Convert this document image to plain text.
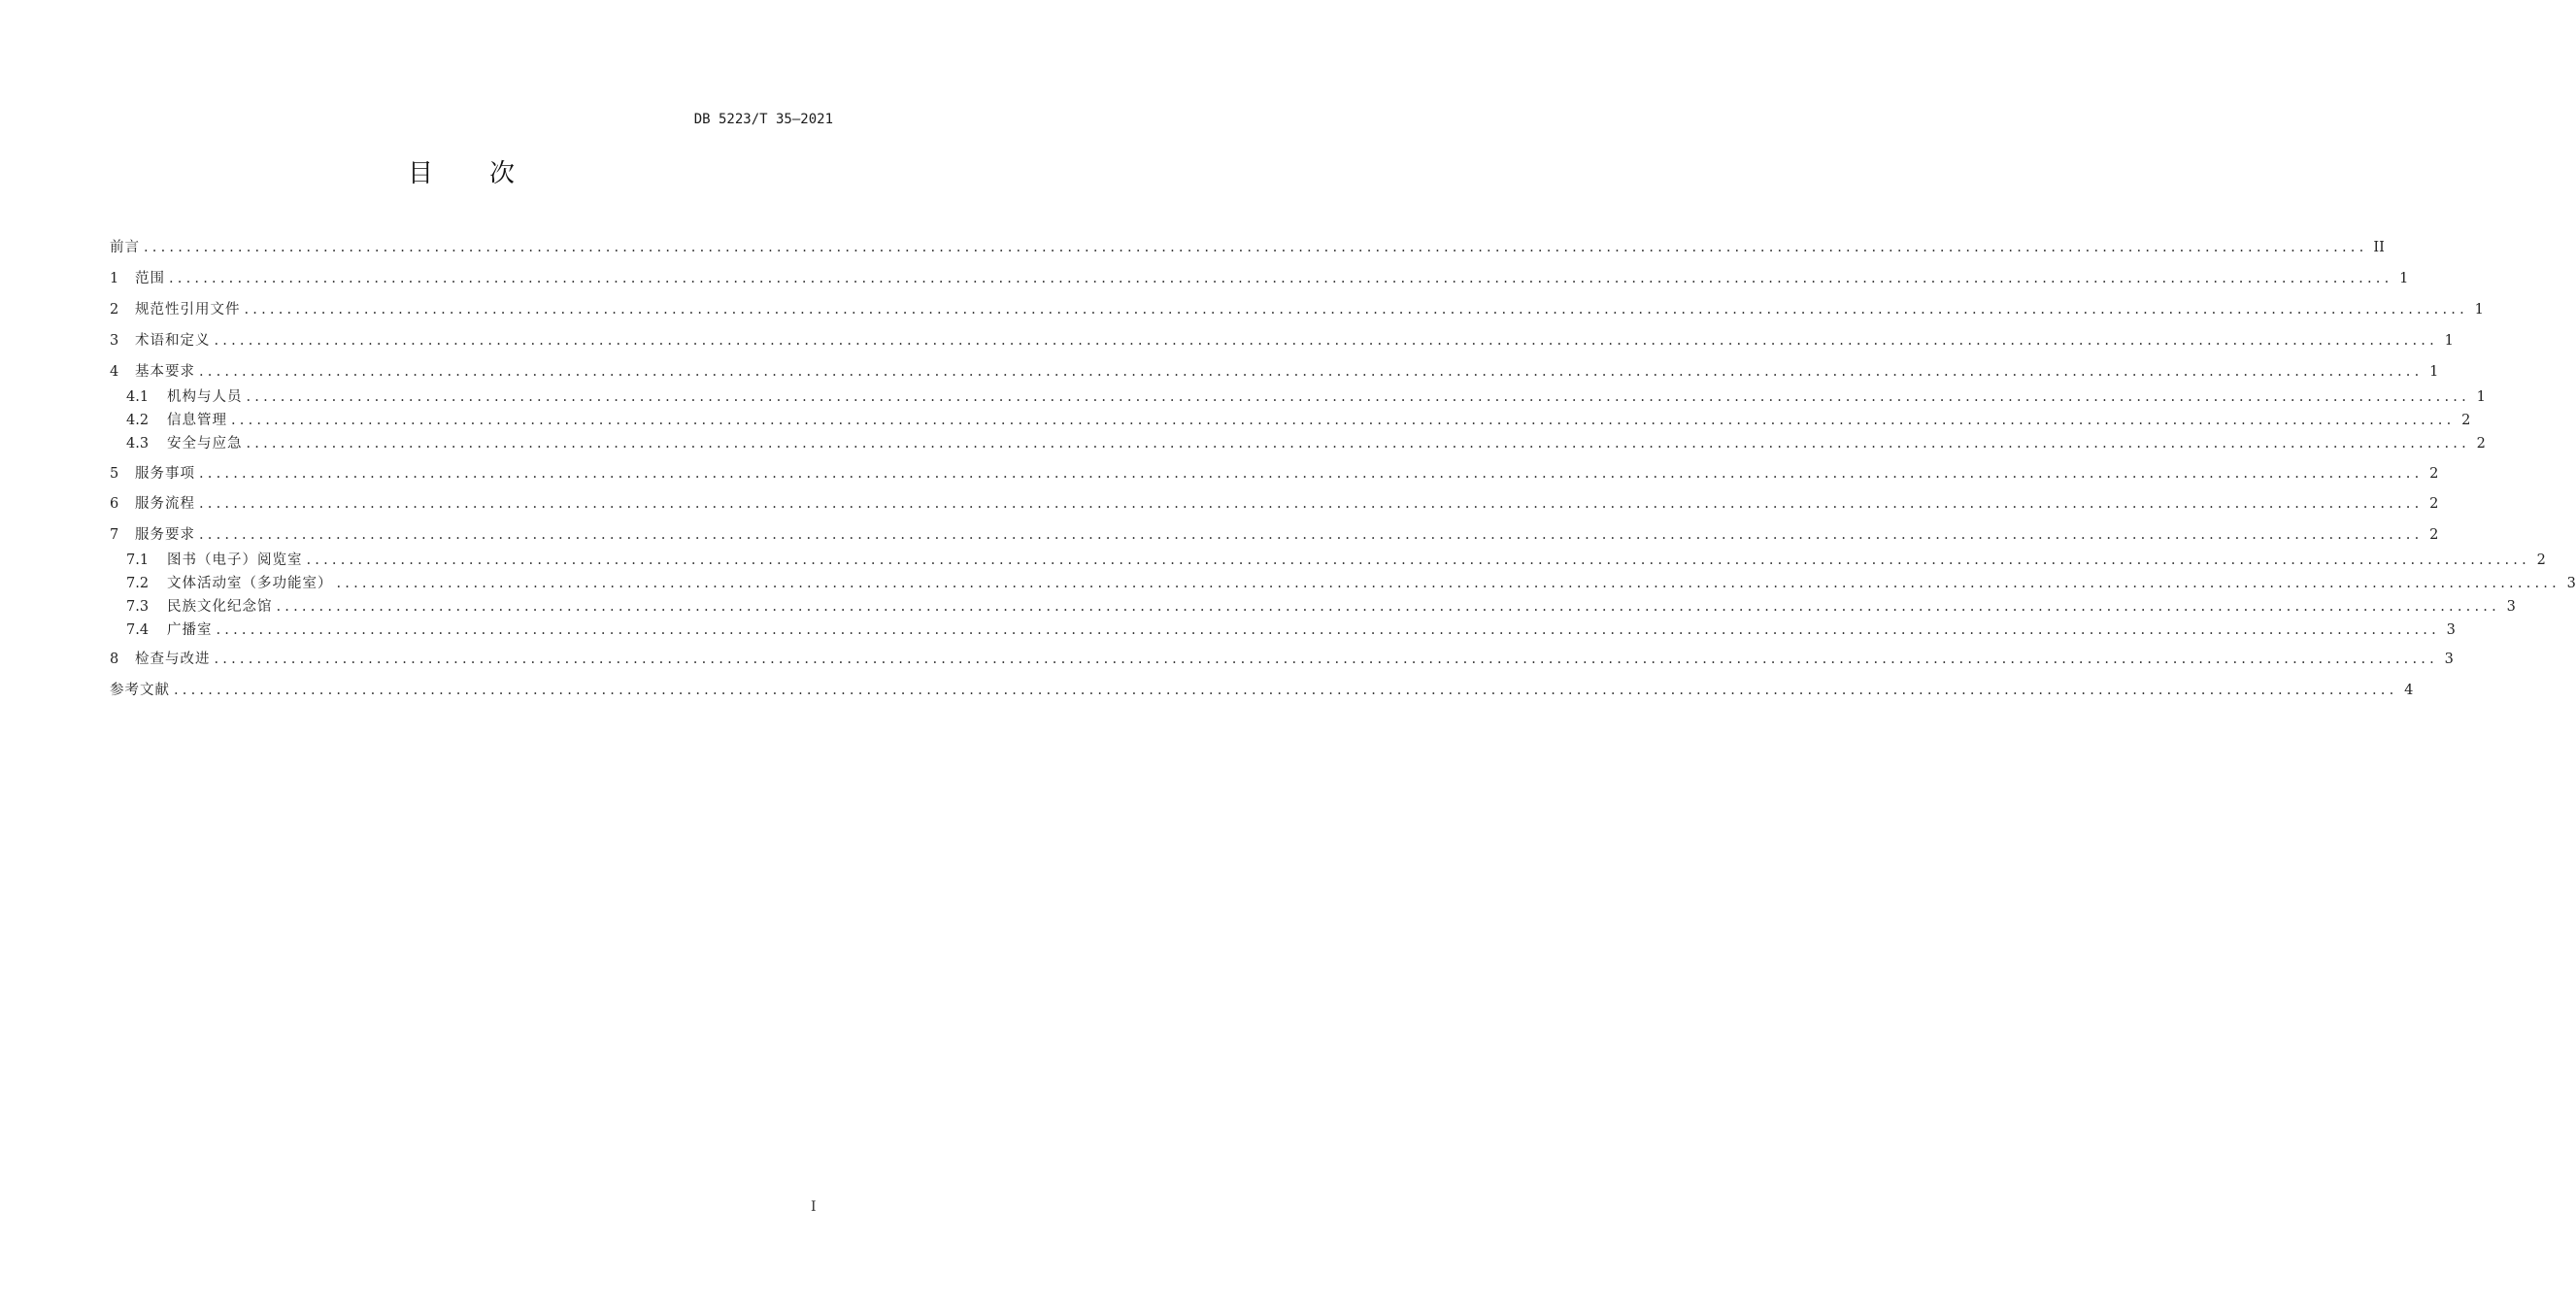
DB 5223/T 35—2021
目次
前言 .................................................................................................................................................................................................................................................................... II
1	范围 .................................................................................................................................................................................................................................................................... 1
2	规范性引用文件 .................................................................................................................................................................................................................................................................... 1
3	术语和定义 .................................................................................................................................................................................................................................................................... 1
4	基本要求 .................................................................................................................................................................................................................................................................... 1
4.1	机构与人员 .................................................................................................................................................................................................................................................................... 1
4.2	信息管理 .................................................................................................................................................................................................................................................................... 2
4.3	安全与应急 .................................................................................................................................................................................................................................................................... 2
5	服务事项 .................................................................................................................................................................................................................................................................... 2
6	服务流程 .................................................................................................................................................................................................................................................................... 2
7	服务要求 .................................................................................................................................................................................................................................................................... 2
7.1	图书（电子）阅览室 .................................................................................................................................................................................................................................................................... 2
7.2	文体活动室（多功能室） .................................................................................................................................................................................................................................................................... 3
7.3	民族文化纪念馆 .................................................................................................................................................................................................................................................................... 3
7.4	广播室 .................................................................................................................................................................................................................................................................... 3
8	检查与改进 .................................................................................................................................................................................................................................................................... 3
参考文献 .................................................................................................................................................................................................................................................................... 4
I
